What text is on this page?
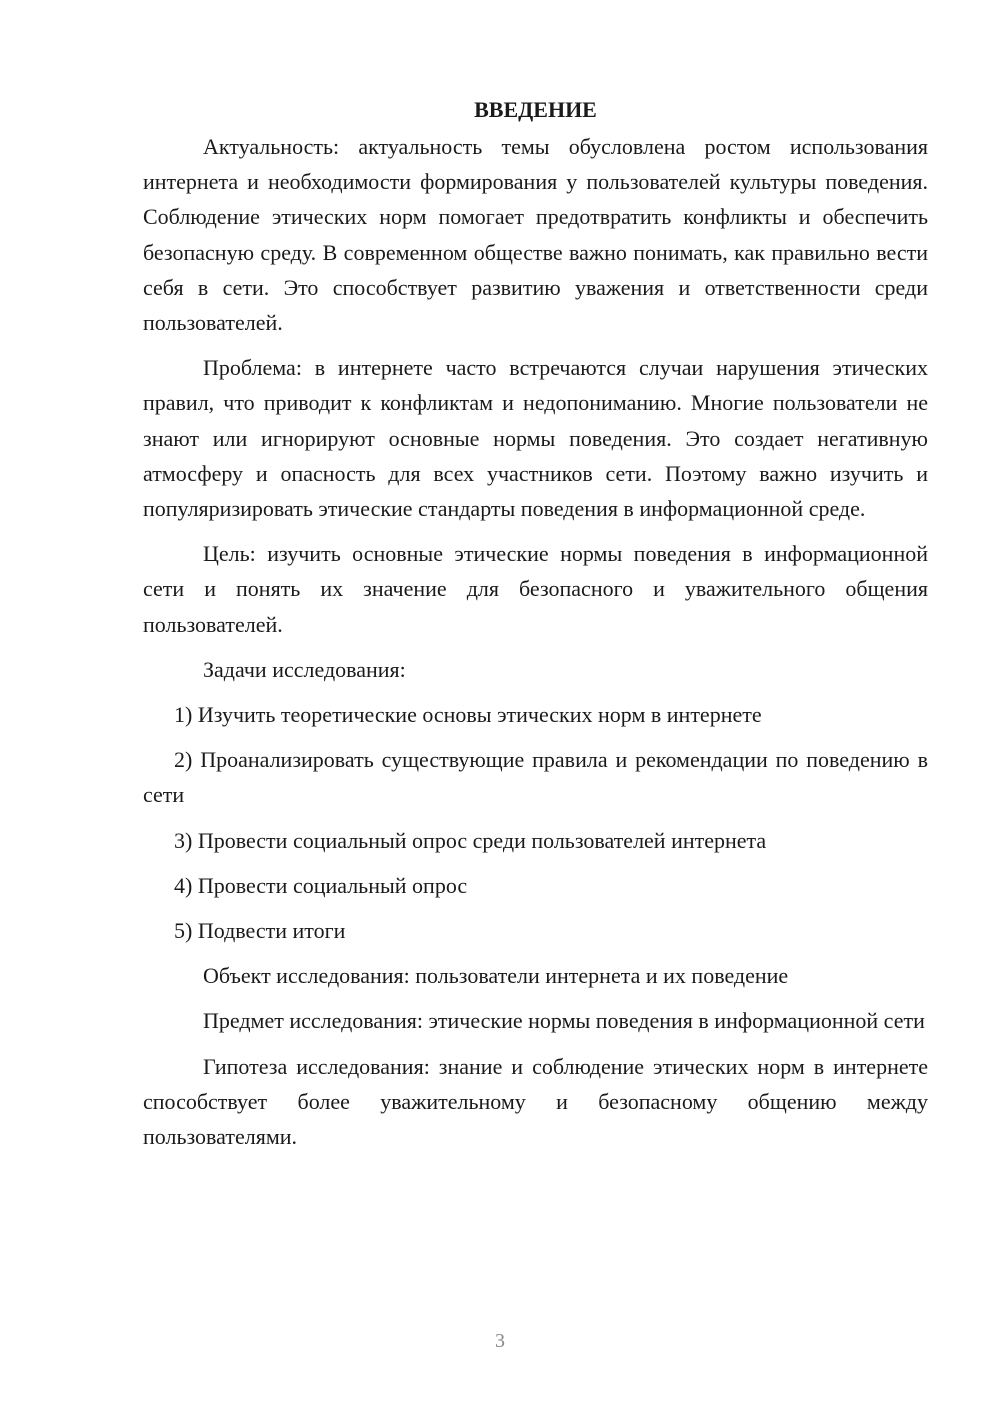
ВВЕДЕНИЕ

Актуальность: актуальность темы обусловлена ростом использования интернета и необходимости формирования у пользователей культуры поведения. Соблюдение этических норм помогает предотвратить конфликты и обеспечить безопасную среду. В современном обществе важно понимать, как правильно вести себя в сети. Это способствует развитию уважения и ответственности среди пользователей.

Проблема: в интернете часто встречаются случаи нарушения этических правил, что приводит к конфликтам и недопониманию. Многие пользователи не знают или игнорируют основные нормы поведения. Это создает негативную атмосферу и опасность для всех участников сети. Поэтому важно изучить и популяризировать этические стандарты поведения в информационной среде.

Цель: изучить основные этические нормы поведения в информационной сети и понять их значение для безопасного и уважительного общения пользователей.

Задачи исследования:

1) Изучить теоретические основы этических норм в интернете

2) Проанализировать существующие правила и рекомендации по поведению в сети

3) Провести социальный опрос среди пользователей интернета

4) Провести социальный опрос

5) Подвести итоги

Объект исследования: пользователи интернета и их поведение

Предмет исследования: этические нормы поведения в информационной сети

Гипотеза исследования: знание и соблюдение этических норм в интернете способствует более уважительному и безопасному общению между пользователями.

3
